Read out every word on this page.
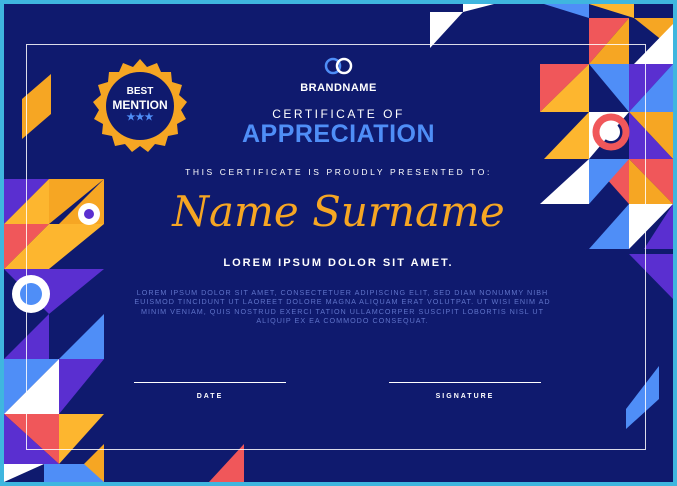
BEST
MENTION
★★★
BRANDNAME
CERTIFICATE OF
APPRECIATION
THIS CERTIFICATE IS PROUDLY PRESENTED TO:
Name Surname
LOREM IPSUM DOLOR SIT AMET.
LOREM IPSUM DOLOR SIT AMET, CONSECTETUER ADIPISCING ELIT, SED DIAM NONUMMY NIBH EUISMOD TINCIDUNT UT LAOREET DOLORE MAGNA ALIQUAM ERAT VOLUTPAT. UT WISI ENIM AD MINIM VENIAM, QUIS NOSTRUD EXERCI TATION ULLAMCORPER SUSCIPIT LOBORTIS NISL UT ALIQUIP EX EA COMMODO CONSEQUAT.
DATE	SIGNATURE
